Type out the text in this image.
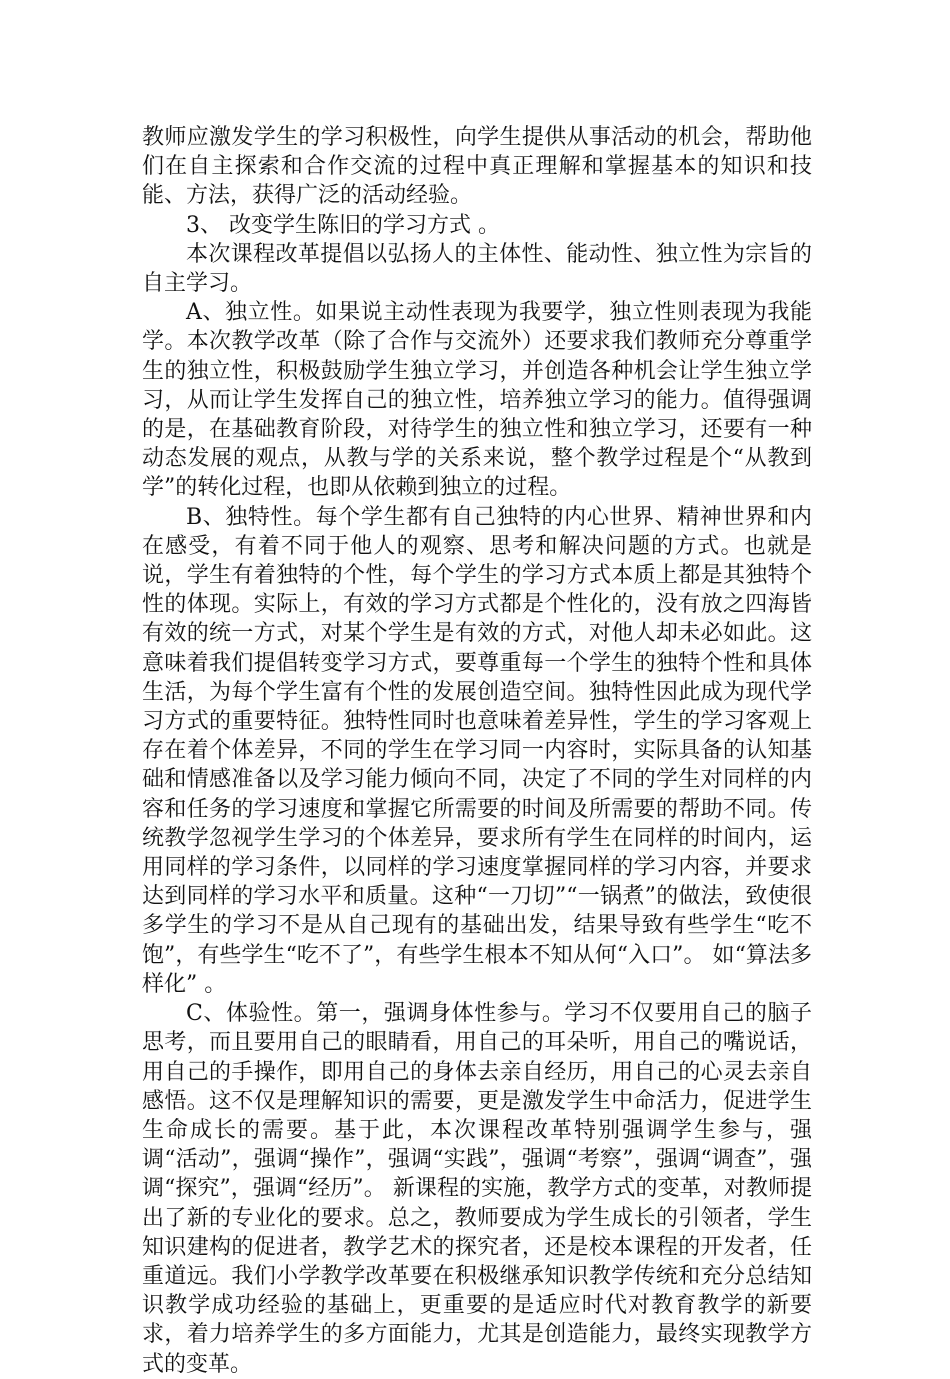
教师应激发学生的学习积极性，向学生提供从事活动的机会，帮助他们在自主探索和合作交流的过程中真正理解和掌握基本的知识和技能、方法，获得广泛的活动经验。

3、 改变学生陈旧的学习方式 。

本次课程改革提倡以弘扬人的主体性、能动性、独立性为宗旨的自主学习。

A、独立性。如果说主动性表现为我要学，独立性则表现为我能学。本次教学改革（除了合作与交流外）还要求我们教师充分尊重学生的独立性，积极鼓励学生独立学习，并创造各种机会让学生独立学习，从而让学生发挥自己的独立性，培养独立学习的能力。值得强调的是，在基础教育阶段，对待学生的独立性和独立学习，还要有一种动态发展的观点，从教与学的关系来说，整个教学过程是个“从教到学”的转化过程，也即从依赖到独立的过程。

B、独特性。每个学生都有自己独特的内心世界、精神世界和内在感受，有着不同于他人的观察、思考和解决问题的方式。也就是说，学生有着独特的个性，每个学生的学习方式本质上都是其独特个性的体现。实际上，有效的学习方式都是个性化的，没有放之四海皆有效的统一方式，对某个学生是有效的方式，对他人却未必如此。这意味着我们提倡转变学习方式，要尊重每一个学生的独特个性和具体生活，为每个学生富有个性的发展创造空间。独特性因此成为现代学习方式的重要特征。独特性同时也意味着差异性，学生的学习客观上存在着个体差异，不同的学生在学习同一内容时，实际具备的认知基础和情感准备以及学习能力倾向不同，决定了不同的学生对同样的内容和任务的学习速度和掌握它所需要的时间及所需要的帮助不同。传统教学忽视学生学习的个体差异，要求所有学生在同样的时间内，运用同样的学习条件，以同样的学习速度掌握同样的学习内容，并要求达到同样的学习水平和质量。这种“一刀切”“一锅煮”的做法，致使很多学生的学习不是从自己现有的基础出发，结果导致有些学生“吃不饱”，有些学生“吃不了”，有些学生根本不知从何“入口”。 如“算法多样化” 。

C、体验性。第一，强调身体性参与。学习不仅要用自己的脑子思考，而且要用自己的眼睛看，用自己的耳朵听，用自己的嘴说话，用自己的手操作，即用自己的身体去亲自经历，用自己的心灵去亲自感悟。这不仅是理解知识的需要，更是激发学生中命活力，促进学生生命成长的需要。基于此，本次课程改革特别强调学生参与，强调“活动”，强调“操作”，强调“实践”，强调“考察”，强调“调查”，强调“探究”，强调“经历”。 新课程的实施，教学方式的变革，对教师提出了新的专业化的要求。总之，教师要成为学生成长的引领者，学生知识建构的促进者，教学艺术的探究者，还是校本课程的开发者，任重道远。我们小学教学改革要在积极继承知识教学传统和充分总结知识教学成功经验的基础上，更重要的是适应时代对教育教学的新要求，着力培养学生的多方面能力，尤其是创造能力，最终实现教学方式的变革。
